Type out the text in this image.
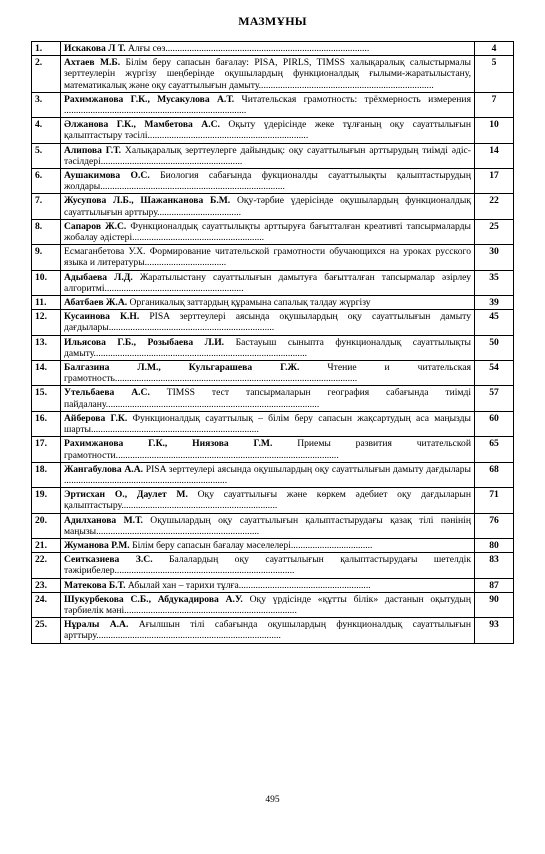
МАЗМҰНЫ
1.	Искакова Л Т. Алғы сөз.....................................................................................	4
2.	Ахтаев М.Б. Білім беру сапасын бағалау: PISA, PIRLS, TIMSS халықаралық салыстырмалы зерттеулерін жүргізу шеңберінде оқушылардың функционалдық ғылыми-жаратылыстану, математикалық және оқу сауаттылығын дамыту.........................................................................	5
3.	Рахимжанова Г.К., Мусакулова А.Т. Читательская грамотность: трёхмерность измерения ............................................................................	7
4.	Әлжанова Г.К., Мамбетова А.С. Оқыту үдерісінде жеке тұлғаның оқу сауаттылығын қалыптастыру тәсілі...................................................................	10
5.	Алипова Г.Т. Халықаралық зерттеулерге дайындық: оқу сауаттылығын арттырудың тиімді әдіс-тәсілдері...........................................................	14
6.	Аушакимова О.С. Биология сабағында фукционалды сауаттылықты қалыптастырудың жолдары.............................................................................	17
7.	Жусупова Л.Б., Шажанканова Б.М. Оқу-тәрбие үдерісінде оқушылардың функционалдық сауаттылығын арттыру...................................	22
8.	Сапаров Ж.С. Функционалдық сауаттылықты арттыруға бағытталған креативті тапсырмаларды жобалау әдістері.......................................................	25
9.	Есмаганбетова У.Х. Формирование читательской грамотности обучающихся на уроках русского языка и литературы..................................	30
10.	Адыбаева Л.Д. Жаратылыстану сауаттылығын дамытуға бағытталған тапсырмалар әзірлеу алгоритмі..........................................................	35
11.	Абатбаев Ж.А. Органикалық заттардың құрамына сапалық талдау жүргізу	39
12.	Кусаинова К.Н. PISA зерттеулері аясында оқушылардың оқу сауаттылығын дамыту дағдылары.....................................................................	45
13.	Ильясова Г.Б., Розыбаева Л.И. Бастауыш сыныпта функционалдық сауаттылықты дамыту.........................................................................................	50
14.	Балгазина Л.М., Кульгарашева Г.Ж. Чтение и читательская грамотность.....................................................................................................	54
15.	Утельбаева А.С. TIMSS тест тапсырмаларын география сабағында тиімді пайдалану.........................................................................................	57
16.	Айберова Г.К. Функционалдық сауаттылық – білім беру сапасын жақсартудың аса маңызды шарты......................................................................	60
17.	Рахимжанова Г.К., Ниязова Г.М. Приемы развития читательской грамотности.............................................................................................	65
18.	Жангабулова А.А. PISA зерттеулері аясында оқушылардың оқу сауаттылығын дамыту дағдылары ....................................................................	68
19.	Эртисхан О., Даулет М. Оқу сауаттылығы және көркем әдебиет оқу дағдыларын қалыптастыру.................................................................	71
20.	Адилханова М.Т. Оқушылардың оқу сауаттылығын қалыптастырудағы қазақ тілі пәнінің маңызы....................................................................	76
21.	Жуманова Р.М. Білім беру сапасын бағалау мәселелері..................................	80
22.	Сеитказиева З.С. Балалардың оқу сауаттылығын қалыптастырудағы шетелдік тәжірибелер...........................................................................	83
23.	Матекова Б.Т. Абылай хан – тарихи тұлға.......................................................	87
24.	Шукурбекова С.Б., Абдукадирова А.У. Оқу үрдісінде «құтты білік» дастанын оқытудың тәрбиелік мәні........................................................................	90
25.	Нұралы А.А. Ағылшын тілі сабағында оқушылардың функционалдық сауаттылығын арттыру.............................................................................	93
495
